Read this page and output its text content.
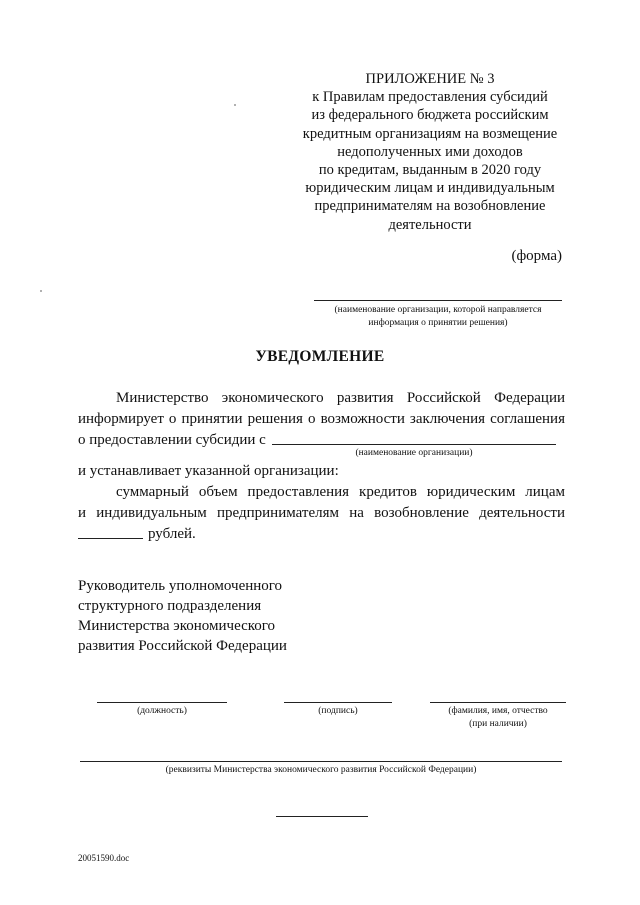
ПРИЛОЖЕНИЕ № 3
к Правилам предоставления субсидий
из федерального бюджета российским
кредитным организациям на возмещение
недополученных ими доходов
по кредитам, выданным в 2020 году
юридическим лицам и индивидуальным
предпринимателям на возобновление
деятельности
(форма)
(наименование организации, которой направляется
информация о принятии решения)
УВЕДОМЛЕНИЕ
Министерство экономического развития Российской Федерации
информирует о принятии решения о возможности заключения соглашения
о предоставлении субсидии с
(наименование организации)
и устанавливает указанной организации:
суммарный объем предоставления кредитов юридическим лицам
и индивидуальным предпринимателям на возобновление деятельности
рублей.
Руководитель уполномоченного
структурного подразделения
Министерства экономического
развития Российской Федерации
(должность)	(подпись)	(фамилия, имя, отчество
(при наличии)
(реквизиты Министерства экономического развития Российской Федерации)
20051590.doc
